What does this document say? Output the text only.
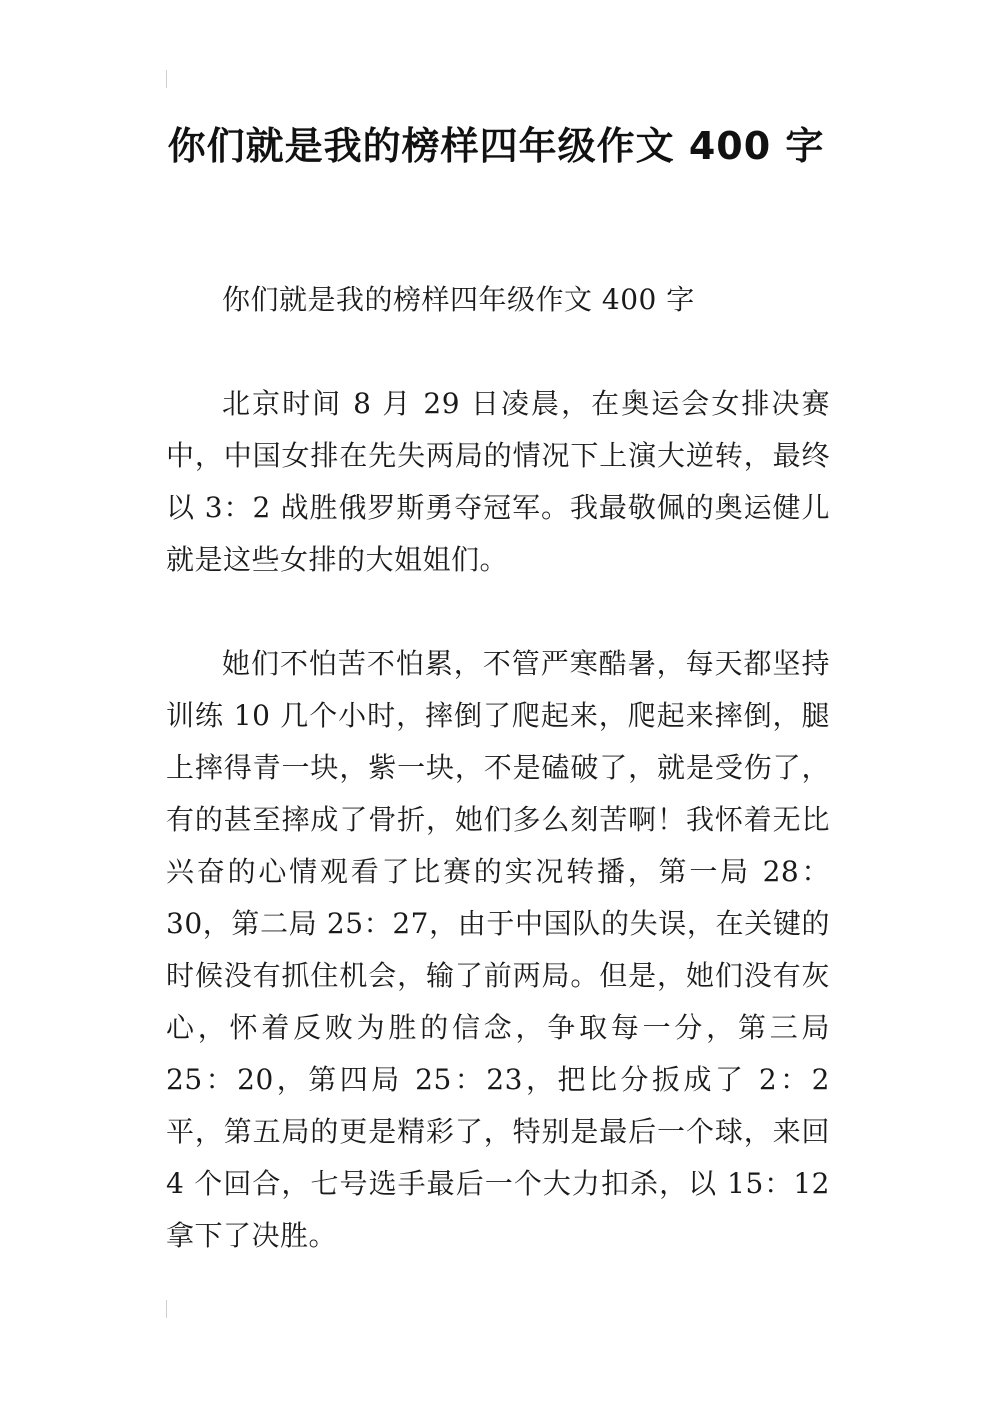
你们就是我的榜样四年级作文 400 字

你们就是我的榜样四年级作文 400 字

北京时间 8 月 29 日凌晨，在奥运会女排决赛中，中国女排在先失两局的情况下上演大逆转，最终以 3：2 战胜俄罗斯勇夺冠军。我最敬佩的奥运健儿就是这些女排的大姐姐们。

她们不怕苦不怕累，不管严寒酷暑，每天都坚持训练 10 几个小时，摔倒了爬起来，爬起来摔倒，腿上摔得青一块，紫一块，不是磕破了，就是受伤了，有的甚至摔成了骨折，她们多么刻苦啊！我怀着无比兴奋的心情观看了比赛的实况转播，第一局 28：30，第二局 25：27，由于中国队的失误，在关键的时候没有抓住机会，输了前两局。但是，她们没有灰心，怀着反败为胜的信念，争取每一分，第三局 25：20，第四局 25：23，把比分扳成了 2：2 平，第五局的更是精彩了，特别是最后一个球，来回 4 个回合，七号选手最后一个大力扣杀，以 15：12 拿下了决胜。
